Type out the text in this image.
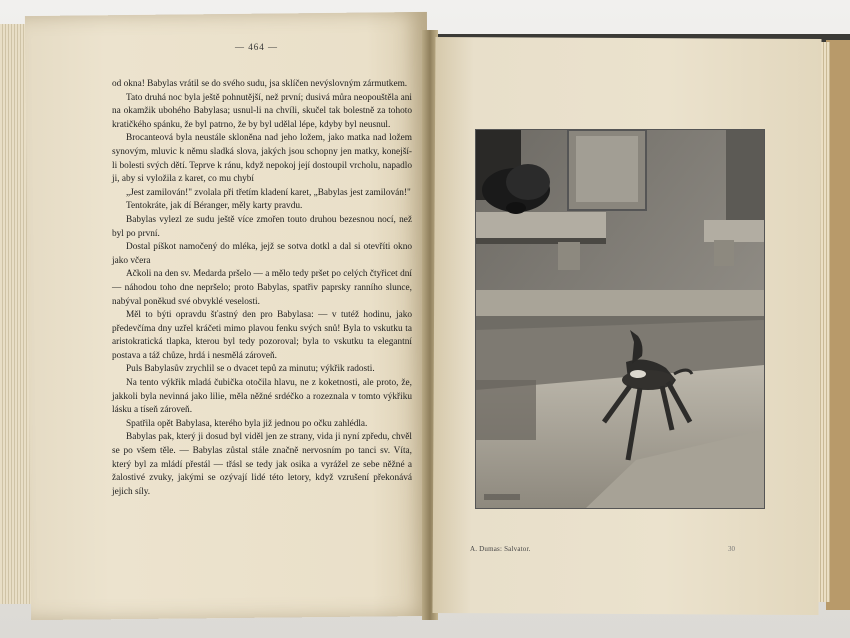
— 464 —

od okna! Babylas vrátil se do svého sudu, jsa sklíčen nevýslovným zármutkem.

Tato druhá noc byla ještě pohnutější, než první; dusivá můra neopouštěla ani na okamžik ubohého Babylasa; usnul-li na chvíli, skučel tak bolestně za tohoto kratičkého spánku, že byl patrno, že by byl udělal lépe, kdyby byl neusnul.

Brocanteová byla neustále skloněna nad jeho ložem, jako matka nad ložem synovým, mluvic k němu sladká slova, jakých jsou schopny jen matky, konejší-li bolesti svých dětí. Teprve k ránu, když nepokoj její dostoupil vrcholu, napadlo ji, aby si vyložila z karet, co mu chybí

„Jest zamilován!" zvolala při třetím kladení karet, „Babylas jest zamilován!"

Tentokráte, jak dí Béranger, měly karty pravdu.

Babylas vylezl ze sudu ještě více zmořen touto druhou bezesnou nocí, než byl po první.

Dostal píškot namočený do mléka, jejž se sotva dotkl a dal si otevříti okno jako včera

Ačkoli na den sv. Medarda pršelo — a mělo tedy pršet po celých čtyřicet dní — náhodou toho dne nepršelo; proto Babylas, spatřiv paprsky ranního slunce, nabýval poněkud své obvyklé veselosti.

Měl to býti opravdu šťastný den pro Babylasa: — v tutéž hodinu, jako předevčíma dny uzřel kráčeti mimo plavou fenku svých snů! Byla to vskutku ta aristokratická tlapka, kterou byl tedy pozoroval; byla to vskutku ta elegantní postava a táž chůze, hrdá i nesmělá zároveň.

Puls Babylasův zrychlil se o dvacet tepů za minutu; výkřik radosti.

Na tento výkřik mladá čubička otočila hlavu, ne z koketnosti, ale proto, že, jakkoli byla nevinná jako lilie, měla něžné srdéčko a rozeznala v tomto výkřiku lásku a tíseň zároveň.

Spatřila opět Babylasa, kterého byla již jednou po očku zahlédla.

Babylas pak, který ji dosud byl viděl jen ze strany, vida ji nyní zpředu, chvěl se po všem těle. — Babylas zůstal stále značně nervosním po tanci sv. Víta, který byl za mládí přestál — třásl se tedy jak osika a vyrážel ze sebe něžné a žalostivé zvuky, jakými se ozývají lidé této letory, když vzrušení překonává jejich síly.

A. Dumas: Salvator.	30
